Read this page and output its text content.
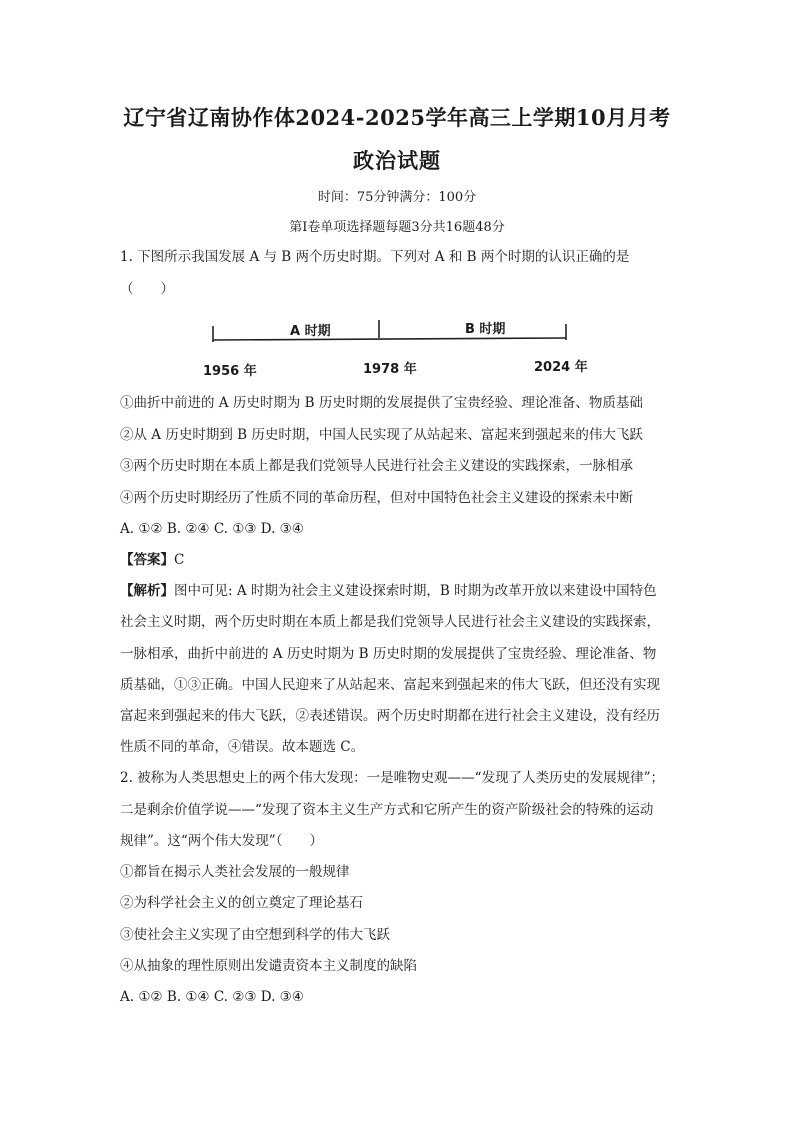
辽宁省辽南协作体2024-2025学年高三上学期10月月考
政治试题
时间：75分钟满分：100分
第I卷单项选择题每题3分共16题48分
1. 下图所示我国发展 A 与 B 两个历史时期。下列对 A 和 B 两个时期的认识正确的是
（　　）
A 时期	B 时期
1956 年	1978 年	2024 年
①曲折中前进的 A 历史时期为 B 历史时期的发展提供了宝贵经验、理论准备、物质基础
②从 A 历史时期到 B 历史时期，中国人民实现了从站起来、富起来到强起来的伟大飞跃
③两个历史时期在本质上都是我们党领导人民进行社会主义建设的实践探索，一脉相承
④两个历史时期经历了性质不同的革命历程，但对中国特色社会主义建设的探索未中断
A. ①② B. ②④ C. ①③ D. ③④
【答案】C
【解析】图中可见: A 时期为社会主义建设探索时期，B 时期为改革开放以来建设中国特色
社会主义时期，两个历史时期在本质上都是我们党领导人民进行社会主义建设的实践探索，
一脉相承，曲折中前进的 A 历史时期为 B 历史时期的发展提供了宝贵经验、理论准备、物
质基础，①③正确。中国人民迎来了从站起来、富起来到强起来的伟大飞跃，但还没有实现
富起来到强起来的伟大飞跃，②表述错误。两个历史时期都在进行社会主义建设，没有经历
性质不同的革命，④错误。故本题选 C。
2. 被称为人类思想史上的两个伟大发现：一是唯物史观——“发现了人类历史的发展规律”；
二是剩余价值学说——“发现了资本主义生产方式和它所产生的资产阶级社会的特殊的运动
规律”。这“两个伟大发现”（　　）
①都旨在揭示人类社会发展的一般规律
②为科学社会主义的创立奠定了理论基石
③使社会主义实现了由空想到科学的伟大飞跃
④从抽象的理性原则出发谴责资本主义制度的缺陷
A. ①② B. ①④ C. ②③ D. ③④
